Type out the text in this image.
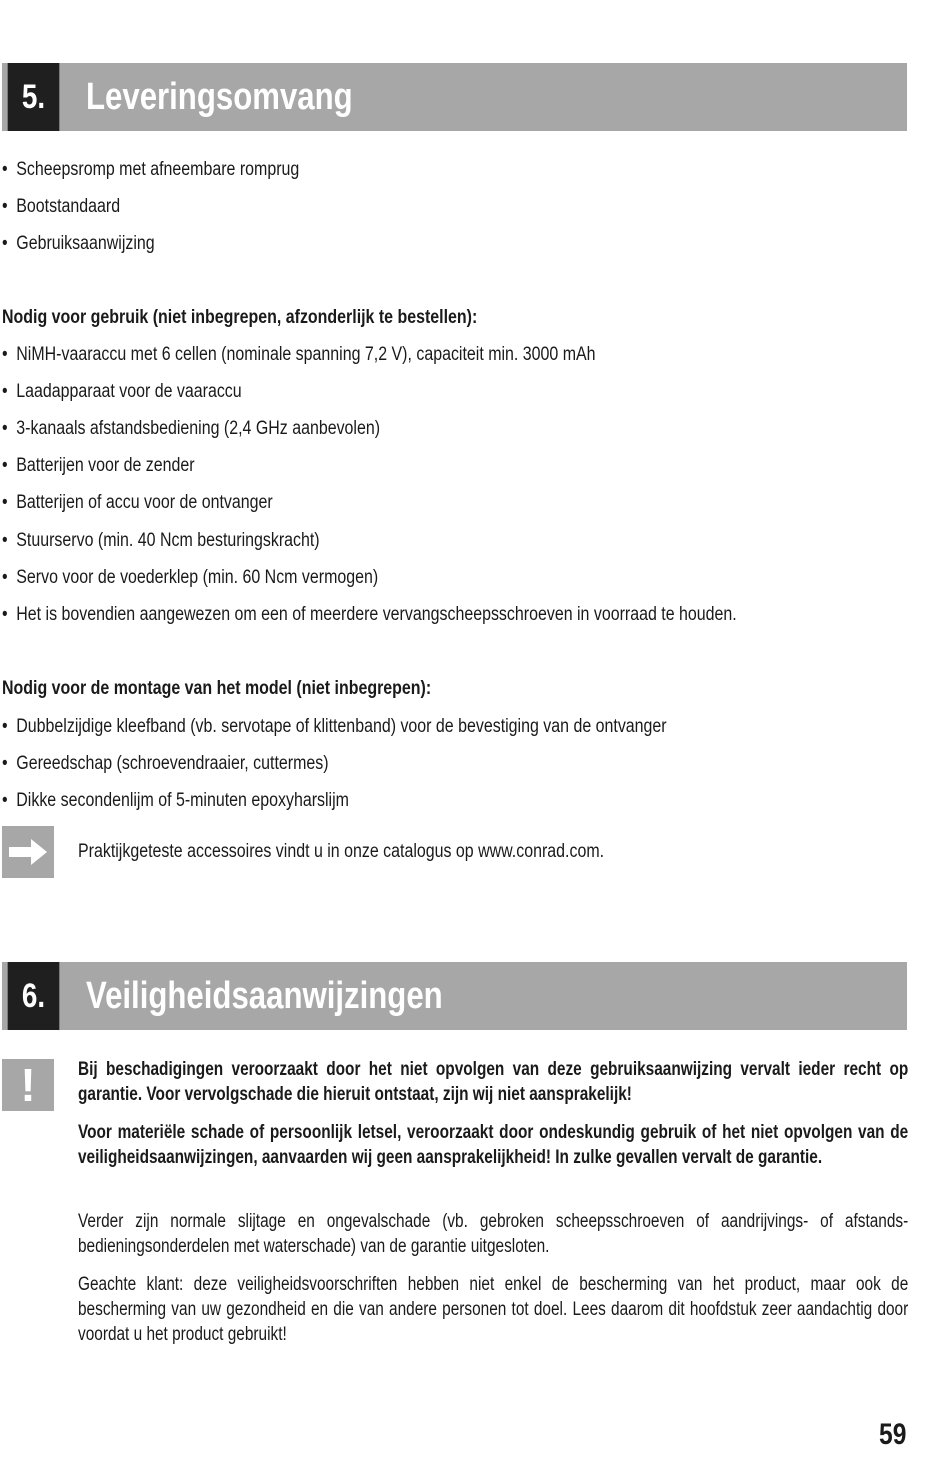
5.	Leveringsomvang
• Scheepsromp met afneembare romprug
• Bootstandaard
• Gebruiksaanwijzing
Nodig voor gebruik (niet inbegrepen, afzonderlijk te bestellen):
• NiMH-vaaraccu met 6 cellen (nominale spanning 7,2 V), capaciteit min. 3000 mAh
• Laadapparaat voor de vaaraccu
• 3-kanaals afstandsbediening (2,4 GHz aanbevolen)
• Batterijen voor de zender
• Batterijen of accu voor de ontvanger
• Stuurservo (min. 40 Ncm besturingskracht)
• Servo voor de voederklep (min. 60 Ncm vermogen)
• Het is bovendien aangewezen om een of meerdere vervangscheepsschroeven in voorraad te houden.
Nodig voor de montage van het model (niet inbegrepen):
• Dubbelzijdige kleefband (vb. servotape of klittenband) voor de bevestiging van de ontvanger
• Gereedschap (schroevendraaier, cuttermes)
• Dikke secondenlijm of 5-minuten epoxyharslijm
Praktijkgeteste accessoires vindt u in onze catalogus op www.conrad.com.
6.	Veiligheidsaanwijzingen
!	Bij beschadigingen veroorzaakt door het niet opvolgen van deze gebruiksaanwijzing vervalt ieder recht op garantie. Voor vervolgschade die hieruit ontstaat, zijn wij niet aansprakelijk!
Voor materiële schade of persoonlijk letsel, veroorzaakt door ondeskundig gebruik of het niet opvolgen van de veiligheidsaanwijzingen, aanvaarden wij geen aansprakelijkheid! In zulke gevallen vervalt de garantie.
Verder zijn normale slijtage en ongevalschade (vb. gebroken scheepsschroeven of aandrijvings- of afstands-bedieningsonderdelen met waterschade) van de garantie uitgesloten.
Geachte klant: deze veiligheidsvoorschriften hebben niet enkel de bescherming van het product, maar ook de bescherming van uw gezondheid en die van andere personen tot doel. Lees daarom dit hoofdstuk zeer aandachtig door voordat u het product gebruikt!
59
